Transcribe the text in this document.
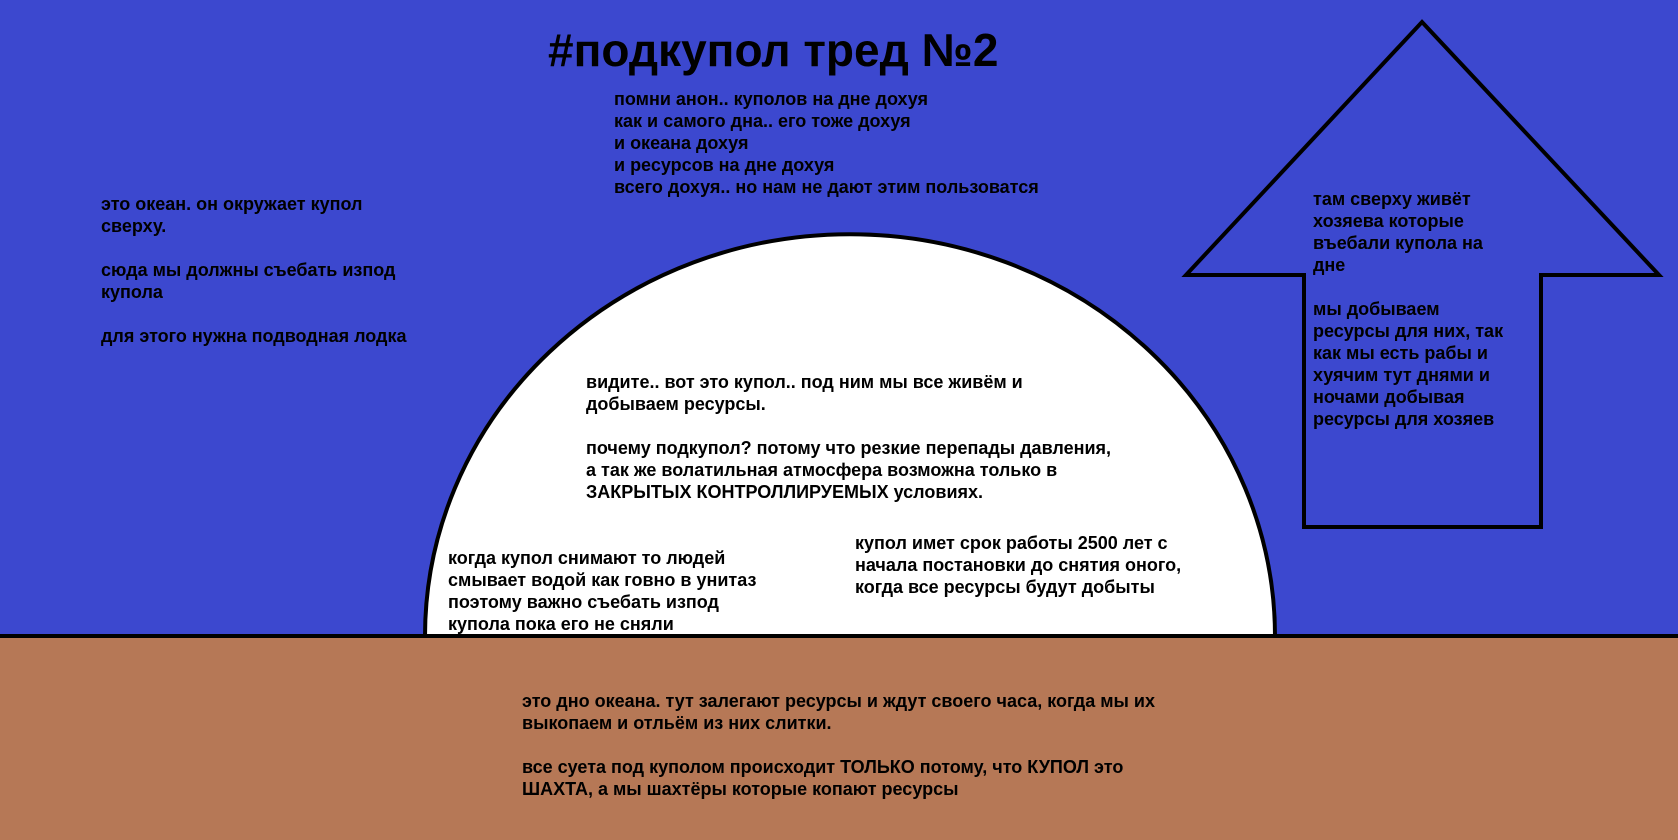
#подкупол тред №2
помни анон.. куполов на дне дохуя
как и самого дна.. его тоже дохуя
и океана дохуя
и ресурсов на дне дохуя
всего дохуя.. но нам не дают этим пользоватся

это океан. он окружает купол
сверху.

сюда мы должны съебать изпод
купола

для этого нужна подводная лодка

там сверху живёт
хозяева которые
въебали купола на
дне

мы добываем
ресурсы для них, так
как мы есть рабы и
хуячим тут днями и
ночами добывая
ресурсы для хозяев

видите.. вот это купол.. под ним мы все живём и
добываем ресурсы.

почему подкупол? потому что резкие перепады давления,
а так же волатильная атмосфера возможна только в
ЗАКРЫТЫХ КОНТРОЛЛИРУЕМЫХ условиях.

когда купол снимают то людей
смывает водой как говно в унитаз
поэтому важно съебать изпод
купола пока его не сняли
купол имет срок работы 2500 лет с
начала постановки до снятия оного,
когда все ресурсы будут добыты

это дно океана. тут залегают ресурсы и ждут своего часа, когда мы их
выкопаем и отльём из них слитки.

все суета под куполом происходит ТОЛЬКО потому, что КУПОЛ это
ШАХТА, а мы шахтёры которые копают ресурсы
